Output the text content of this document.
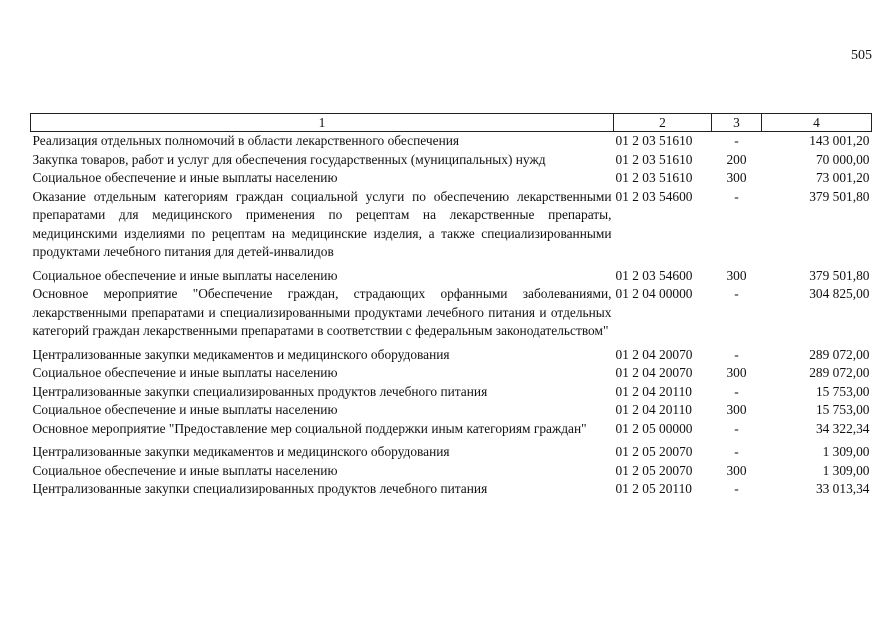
505
1	2	3	4
Реализация отдельных полномочий в области лекарственного обеспечения	01 2 03 51610	-	143 001,20
Закупка товаров, работ и услуг для обеспечения государственных (муниципальных) нужд	01 2 03 51610	200	70 000,00
Социальное обеспечение и иные выплаты населению	01 2 03 51610	300	73 001,20
Оказание отдельным категориям граждан социальной услуги по обеспечению лекарственными препаратами для медицинского применения по рецептам на лекарственные препараты, медицинскими изделиями по рецептам на медицинские изделия, а также специализированными продуктами лечебного питания для детей-инвалидов	01 2 03 54600	-	379 501,80
Социальное обеспечение и иные выплаты населению	01 2 03 54600	300	379 501,80
Основное мероприятие "Обеспечение граждан, страдающих орфанными заболеваниями, лекарственными препаратами и специализированными продуктами лечебного питания и отдельных категорий граждан лекарственными препаратами в соответствии с федеральным законодательством"	01 2 04 00000	-	304 825,00
Централизованные закупки медикаментов и медицинского оборудования	01 2 04 20070	-	289 072,00
Социальное обеспечение и иные выплаты населению	01 2 04 20070	300	289 072,00
Централизованные закупки специализированных продуктов лечебного питания	01 2 04 20110	-	15 753,00
Социальное обеспечение и иные выплаты населению	01 2 04 20110	300	15 753,00
Основное мероприятие "Предоставление мер социальной поддержки иным категориям граждан"	01 2 05 00000	-	34 322,34
Централизованные закупки медикаментов и медицинского оборудования	01 2 05 20070	-	1 309,00
Социальное обеспечение и иные выплаты населению	01 2 05 20070	300	1 309,00
Централизованные закупки специализированных продуктов лечебного питания	01 2 05 20110	-	33 013,34
